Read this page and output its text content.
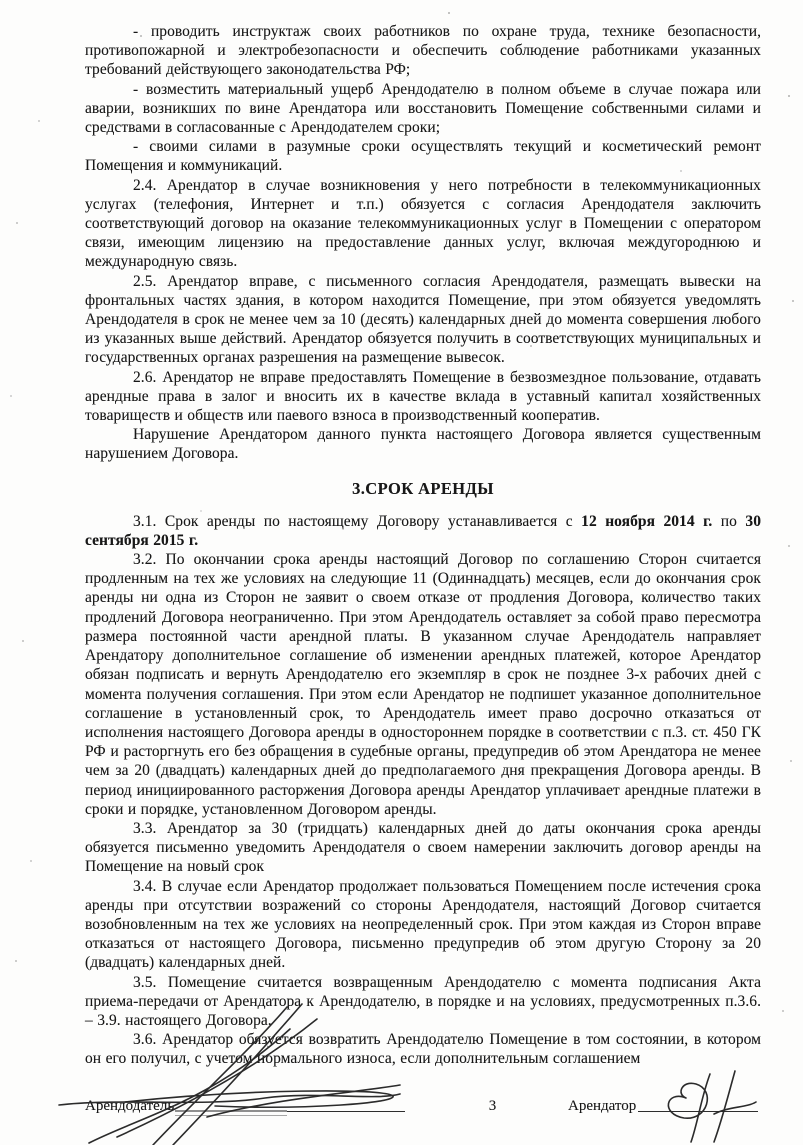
- проводить инструктаж своих работников по охране труда, технике безопасности, противопожарной и электробезопасности и обеспечить соблюдение работниками указанных требований действующего законодательства РФ;

- возместить материальный ущерб Арендодателю в полном объеме в случае пожара или аварии, возникших по вине Арендатора или восстановить Помещение собственными силами и средствами в согласованные с Арендодателем сроки;

- своими силами в разумные сроки осуществлять текущий и косметический ремонт Помещения и коммуникаций.

2.4. Арендатор в случае возникновения у него потребности в телекоммуникационных услугах (телефония, Интернет и т.п.) обязуется с согласия Арендодателя заключить соответствующий договор на оказание телекоммуникационных услуг в Помещении с оператором связи, имеющим лицензию на предоставление данных услуг, включая междугороднюю и международную связь.

2.5. Арендатор вправе, с письменного согласия Арендодателя, размещать вывески на фронтальных частях здания, в котором находится Помещение, при этом обязуется уведомлять Арендодателя в срок не менее чем за 10 (десять) календарных дней до момента совершения любого из указанных выше действий. Арендатор обязуется получить в соответствующих муниципальных и государственных органах разрешения на размещение вывесок.

2.6. Арендатор не вправе предоставлять Помещение в безвозмездное пользование, отдавать арендные права в залог и вносить их в качестве вклада в уставный капитал хозяйственных товариществ и обществ или паевого взноса в производственный кооператив.

Нарушение Арендатором данного пункта настоящего Договора является существенным нарушением Договора.

3.СРОК АРЕНДЫ

3.1. Срок аренды по настоящему Договору устанавливается с 12 ноября 2014 г. по 30 сентября 2015 г.

3.2. По окончании срока аренды настоящий Договор по соглашению Сторон считается продленным на тех же условиях на следующие 11 (Одиннадцать) месяцев, если до окончания срок аренды ни одна из Сторон не заявит о своем отказе от продления Договора, количество таких продлений Договора неограниченно. При этом Арендодатель оставляет за собой право пересмотра размера постоянной части арендной платы. В указанном случае Арендодатель направляет Арендатору дополнительное соглашение об изменении арендных платежей, которое Арендатор обязан подписать и вернуть Арендодателю его экземпляр в срок не позднее 3-х рабочих дней с момента получения соглашения. При этом если Арендатор не подпишет указанное дополнительное соглашение в установленный срок, то Арендодатель имеет право досрочно отказаться от исполнения настоящего Договора аренды в одностороннем порядке в соответствии с п.3. ст. 450 ГК РФ и расторгнуть его без обращения в судебные органы, предупредив об этом Арендатора не менее чем за 20 (двадцать) календарных дней до предполагаемого дня прекращения Договора аренды. В период инициированного расторжения Договора аренды Арендатор уплачивает арендные платежи в сроки и порядке, установленном Договором аренды.

3.3. Арендатор за 30 (тридцать) календарных дней до даты окончания срока аренды обязуется письменно уведомить Арендодателя о своем намерении заключить договор аренды на Помещение на новый срок

3.4. В случае если Арендатор продолжает пользоваться Помещением после истечения срока аренды при отсутствии возражений со стороны Арендодателя, настоящий Договор считается возобновленным на тех же условиях на неопределенный срок. При этом каждая из Сторон вправе отказаться от настоящего Договора, письменно предупредив об этом другую Сторону за 20 (двадцать) календарных дней.

3.5. Помещение считается возвращенным Арендодателю с момента подписания Акта приема-передачи от Арендатора к Арендодателю, в порядке и на условиях, предусмотренных п.3.6. – 3.9. настоящего Договора.

3.6. Арендатор обязуется возвратить Арендодателю Помещение в том состоянии, в котором он его получил, с учетом нормального износа, если дополнительным соглашением

Арендодатель	3	Арендатор
